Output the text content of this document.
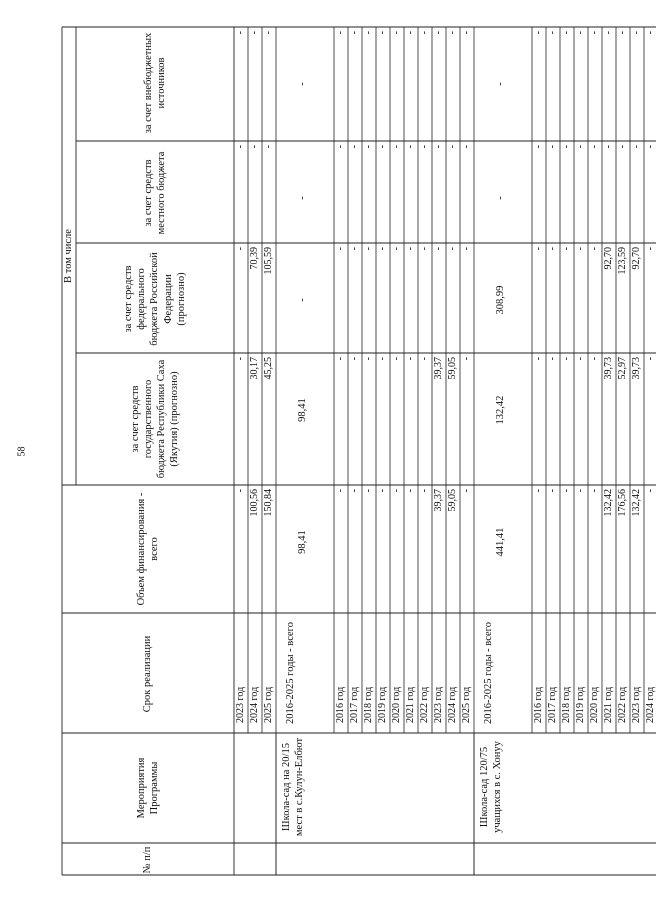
58
№ п/п
Мероприятия Программы
Срок реализации
Объем финансирования - всего
В том числе
за счет средств государственного бюджета Республики Саха (Якутия) (прогнозно)
за счет средств федерального бюджета Российской Федерации (прогнозно)
за счет средств местного бюджета
за счет внебюджетных источников
2023 год
-
-
-
-
-
2024 год
100,56
30,17
70,39
-
-
2025 год
150,84
45,25
105,59
-
-
2016-2025 годы - всего
98,41
98,41
-
-
-
Школа-сад на 20/15 мест в с.Кулун-Елбют
2016 год
-
-
-
-
-
2017 год
-
-
-
-
-
2018 год
-
-
-
-
-
2019 год
-
-
-
-
-
2020 год
-
-
-
-
-
2021 год
-
-
-
-
-
2022 год
-
-
-
-
-
2023 год
39,37
39,37
-
-
-
2024 год
59,05
59,05
-
-
-
2025 год
-
-
-
-
-
2016-2025 годы - всего
441,41
132,42
308,99
-
-
Школа-сад 120/75 учащихся в с. Хонуу
2016 год
-
-
-
-
-
2017 год
-
-
-
-
-
2018 год
-
-
-
-
-
2019 год
-
-
-
-
-
2020 год
-
-
-
-
-
2021 год
132,42
39,73
92,70
-
-
2022 год
176,56
52,97
123,59
-
-
2023 год
132,42
39,73
92,70
-
-
2024 год
-
-
-
-
-
